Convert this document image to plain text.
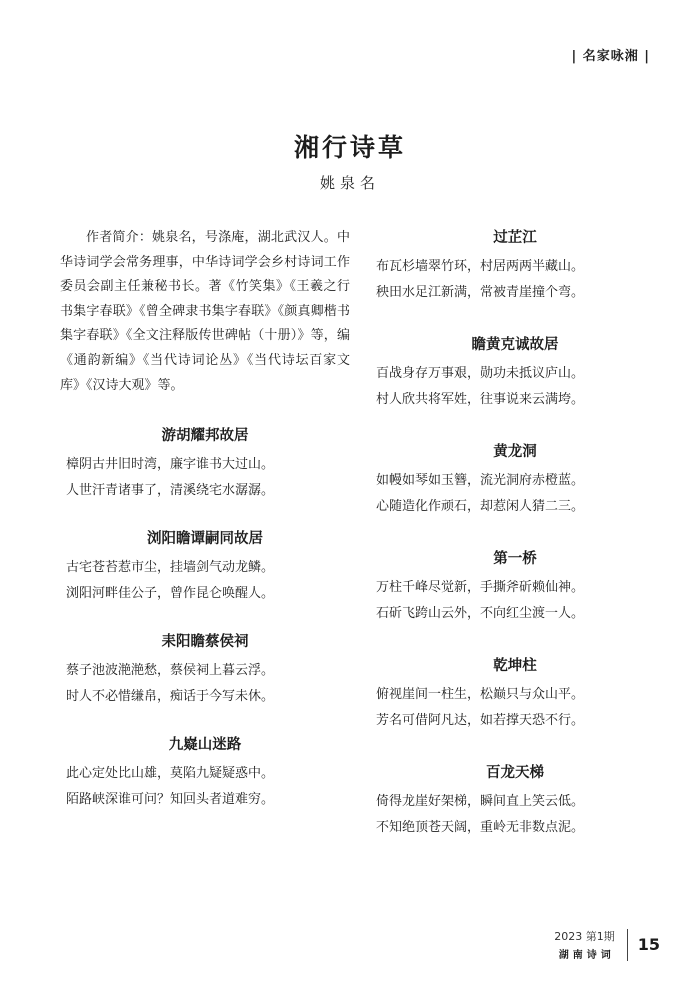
| 名家咏湘 |
湘行诗草
姚泉名

作者简介：姚泉名，号涤庵，湖北武汉人。中华诗词学会常务理事，中华诗词学会乡村诗词工作委员会副主任兼秘书长。著《竹笑集》《王羲之行书集字春联》《曾全碑隶书集字春联》《颜真卿楷书集字春联》《全文注释版传世碑帖（十册）》等，编《通韵新编》《当代诗词论丛》《当代诗坛百家文库》《汉诗大观》等。

游胡耀邦故居
樟阴古井旧时湾，廉字谁书大过山。
人世汗青诸事了，清溪绕宅水潺潺。
浏阳瞻谭嗣同故居
古宅苍苔惹市尘，挂墙剑气动龙鳞。
浏阳河畔佳公子，曾作昆仑唤醒人。
耒阳瞻蔡侯祠
蔡子池波滟滟愁，蔡侯祠上暮云浮。
时人不必惜缣帛，痴话于今写未休。
九嶷山迷路
此心定处比山雄，莫陷九疑疑惑中。
陌路峡深谁可问？知回头者道难穷。
过芷江
布瓦杉墙翠竹环，村居两两半藏山。
秧田水足江新满，常被青崖撞个弯。
瞻黄克诚故居
百战身存万事艰，勋功未抵议庐山。
村人欣共将军姓，往事说来云满垮。
黄龙洞
如幔如琴如玉簪，流光洞府赤橙蓝。
心随造化作顽石，却惹闲人猜二三。
第一桥
万柱千峰尽觉新，手撕斧斫赖仙神。
石斫飞跨山云外，不向红尘渡一人。
乾坤柱
俯视崖间一柱生，松巅只与众山平。
芳名可借阿凡达，如若撑天恐不行。
百龙天梯
倚得龙崖好架梯，瞬间直上笑云低。
不知绝顶苍天阔，重岭无非数点泥。
2023 第1期
湖南诗词
15
